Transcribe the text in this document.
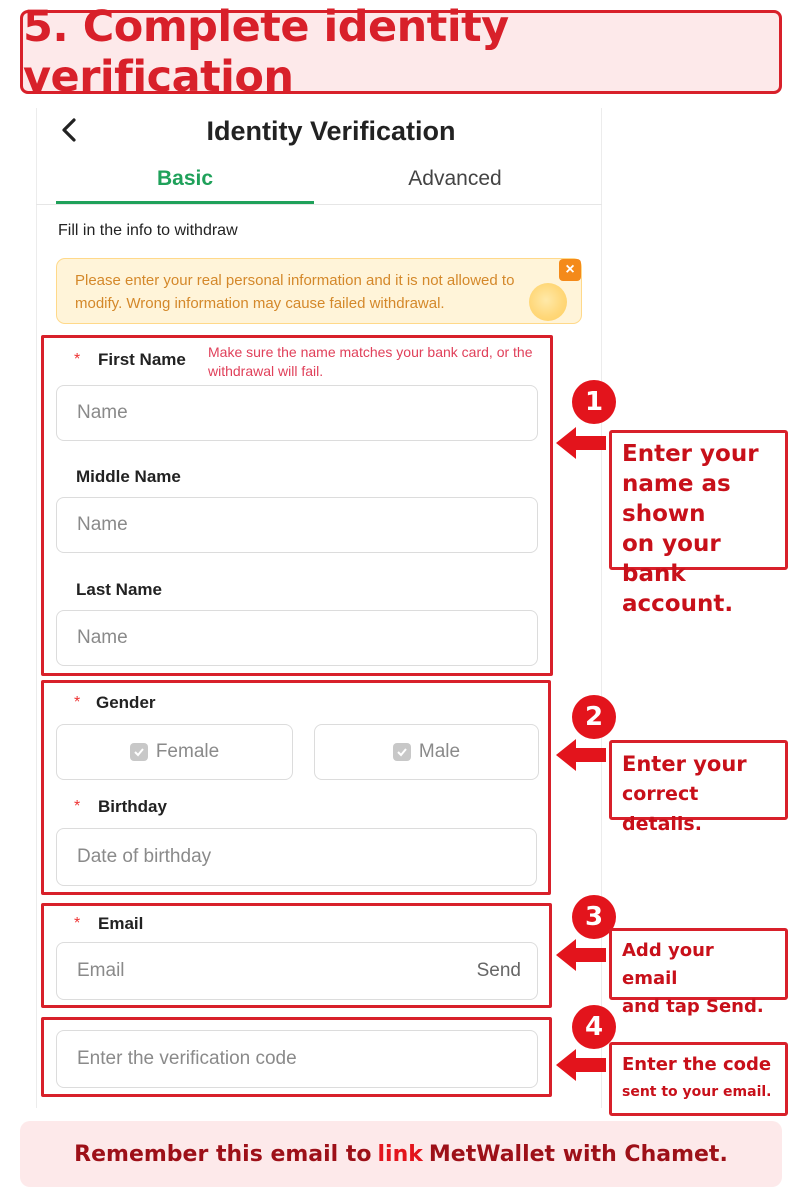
5. Complete identity verification
Identity Verification
Basic	Advanced
Fill in the info to withdraw
Please enter your real personal information and it is not allowed to modify. Wrong information may cause failed withdrawal.
×
* First Name Make sure the name matches your bank card, or the withdrawal will fail.
Name
Middle Name
Name
Last Name
Name
* Gender
Female	Male
* Birthday
Date of birthday
* Email
Email	Send
Enter the verification code
1
Enter your
name as shown
on your bank
account.
2
Enter your
correct details.
3
Add your email
and tap Send.
4
Enter the code
sent to your email.
Remember this email to link MetWallet with Chamet.
